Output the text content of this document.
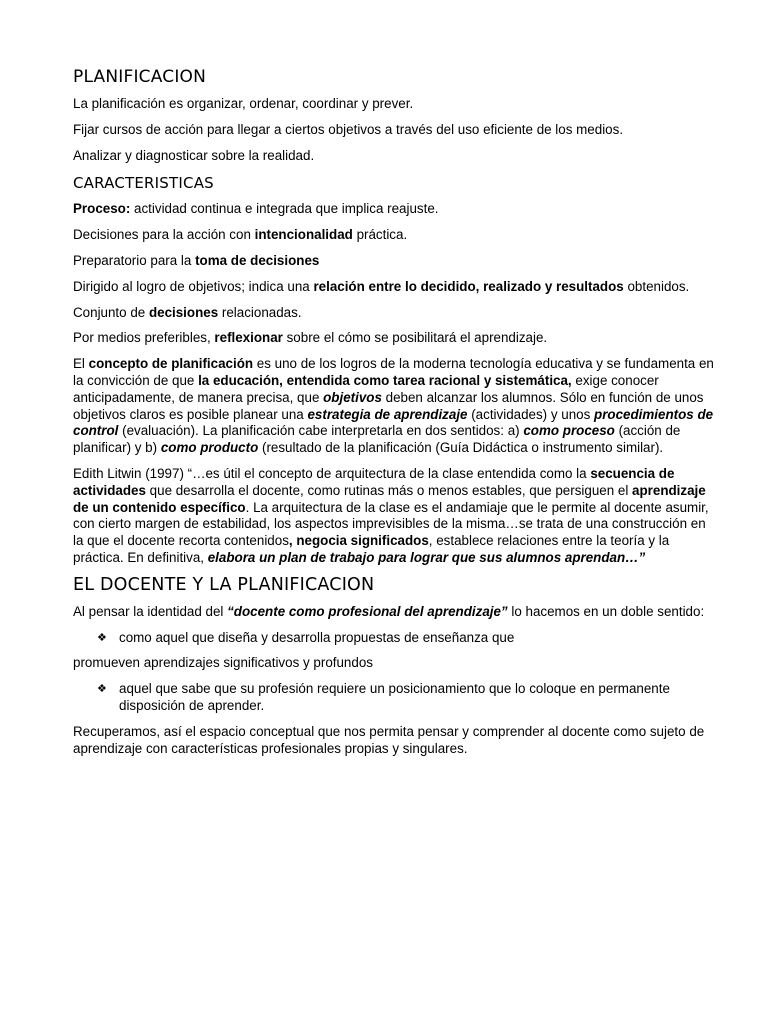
PLANIFICACION

La planificación es organizar, ordenar, coordinar y prever.

Fijar cursos de acción para llegar a ciertos objetivos a través del uso eficiente de los medios.

Analizar y diagnosticar sobre la realidad.

CARACTERISTICAS

Proceso: actividad continua e integrada que implica reajuste.

Decisiones para la acción con intencionalidad práctica.

Preparatorio para la toma de decisiones

Dirigido al logro de objetivos; indica una relación entre lo decidido, realizado y resultados obtenidos.

Conjunto de decisiones relacionadas.

Por medios preferibles, reflexionar sobre el cómo se posibilitará el aprendizaje.

El concepto de planificación es uno de los logros de la moderna tecnología educativa y se fundamenta en la convicción de que la educación, entendida como tarea racional y sistemática, exige conocer anticipadamente, de manera precisa, que objetivos deben alcanzar los alumnos. Sólo en función de unos objetivos claros es posible planear una estrategia de aprendizaje (actividades) y unos procedimientos de control (evaluación). La planificación cabe interpretarla en dos sentidos: a) como proceso (acción de planificar) y b) como producto (resultado de la planificación (Guía Didáctica o instrumento similar).

Edith Litwin (1997) “…es útil el concepto de arquitectura de la clase entendida como la secuencia de actividades que desarrolla el docente, como rutinas más o menos estables, que persiguen el aprendizaje de un contenido específico. La arquitectura de la clase es el andamiaje que le permite al docente asumir, con cierto margen de estabilidad, los aspectos imprevisibles de la misma…se trata de una construcción en la que el docente recorta contenidos, negocia significados, establece relaciones entre la teoría y la práctica. En definitiva, elabora un plan de trabajo para lograr que sus alumnos aprendan…”

EL DOCENTE Y LA PLANIFICACION

Al pensar la identidad del “docente como profesional del aprendizaje” lo hacemos en un doble sentido:

❖ como aquel que diseña y desarrolla propuestas de enseñanza que

promueven aprendizajes significativos y profundos

❖ aquel que sabe que su profesión requiere un posicionamiento que lo coloque en permanente disposición de aprender.

Recuperamos, así el espacio conceptual que nos permita pensar y comprender al docente como sujeto de aprendizaje con características profesionales propias y singulares.
